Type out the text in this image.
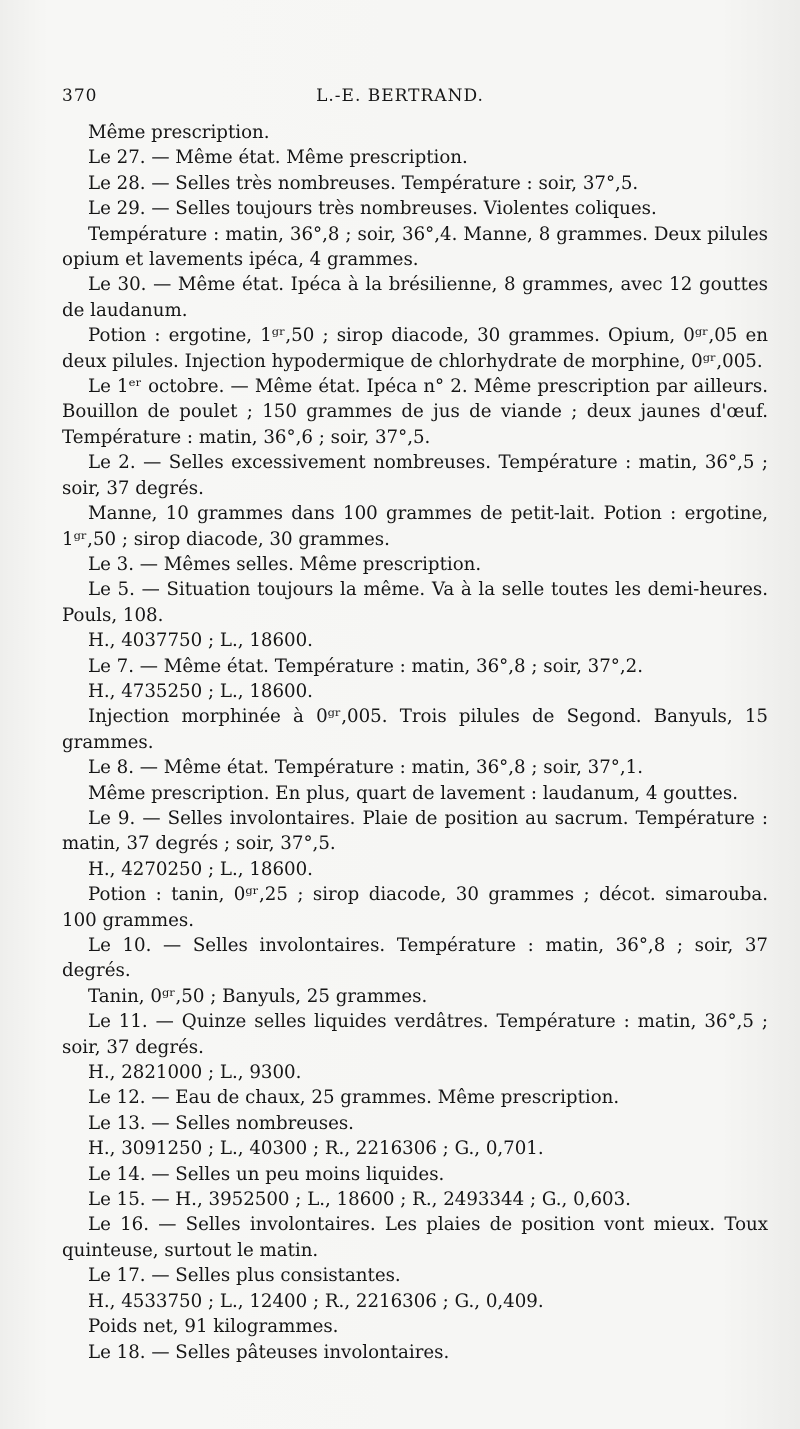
370	L.-E. BERTRAND.

Même prescription.

Le 27. — Même état. Même prescription.

Le 28. — Selles très nombreuses. Température : soir, 37°,5.

Le 29. — Selles toujours très nombreuses. Violentes coliques.

Température : matin, 36°,8 ; soir, 36°,4. Manne, 8 grammes. Deux pilules opium et lavements ipéca, 4 grammes.

Le 30. — Même état. Ipéca à la brésilienne, 8 grammes, avec 12 gouttes de laudanum.

Potion : ergotine, 1ᵍʳ,50 ; sirop diacode, 30 grammes. Opium, 0ᵍʳ,05 en deux pilules. Injection hypodermique de chlorhydrate de morphine, 0ᵍʳ,005.

Le 1ᵉʳ octobre. — Même état. Ipéca n° 2. Même prescription par ailleurs. Bouillon de poulet ; 150 grammes de jus de viande ; deux jaunes d'œuf. Température : matin, 36°,6 ; soir, 37°,5.

Le 2. — Selles excessivement nombreuses. Température : matin, 36°,5 ; soir, 37 degrés.

Manne, 10 grammes dans 100 grammes de petit-lait. Potion : ergotine, 1ᵍʳ,50 ; sirop diacode, 30 grammes.

Le 3. — Mêmes selles. Même prescription.

Le 5. — Situation toujours la même. Va à la selle toutes les demi-heures. Pouls, 108.

H., 4037750 ; L., 18600.

Le 7. — Même état. Température : matin, 36°,8 ; soir, 37°,2.

H., 4735250 ; L., 18600.

Injection morphinée à 0ᵍʳ,005. Trois pilules de Segond. Banyuls, 15 grammes.

Le 8. — Même état. Température : matin, 36°,8 ; soir, 37°,1.

Même prescription. En plus, quart de lavement : laudanum, 4 gouttes.

Le 9. — Selles involontaires. Plaie de position au sacrum. Température : matin, 37 degrés ; soir, 37°,5.

H., 4270250 ; L., 18600.

Potion : tanin, 0ᵍʳ,25 ; sirop diacode, 30 grammes ; décot. simarouba. 100 grammes.

Le 10. — Selles involontaires. Température : matin, 36°,8 ; soir, 37 degrés.

Tanin, 0ᵍʳ,50 ; Banyuls, 25 grammes.

Le 11. — Quinze selles liquides verdâtres. Température : matin, 36°,5 ; soir, 37 degrés.

H., 2821000 ; L., 9300.

Le 12. — Eau de chaux, 25 grammes. Même prescription.

Le 13. — Selles nombreuses.

H., 3091250 ; L., 40300 ; R., 2216306 ; G., 0,701.

Le 14. — Selles un peu moins liquides.

Le 15. — H., 3952500 ; L., 18600 ; R., 2493344 ; G., 0,603.

Le 16. — Selles involontaires. Les plaies de position vont mieux. Toux quinteuse, surtout le matin.

Le 17. — Selles plus consistantes.

H., 4533750 ; L., 12400 ; R., 2216306 ; G., 0,409.

Poids net, 91 kilogrammes.

Le 18. — Selles pâteuses involontaires.
